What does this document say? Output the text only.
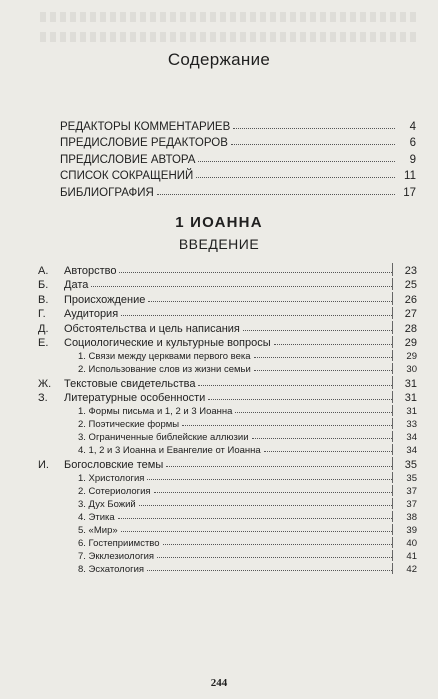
Содержание
РЕДАКТОРЫ КОММЕНТАРИЕВ	4
ПРЕДИСЛОВИЕ РЕДАКТОРОВ	6
ПРЕДИСЛОВИЕ АВТОРА	9
СПИСОК СОКРАЩЕНИЙ	11
БИБЛИОГРАФИЯ	17
1 ИОАННА
ВВЕДЕНИЕ
А.	Авторство	23
Б.	Дата	25
В.	Происхождение	26
Г.	Аудитория	27
Д.	Обстоятельства и цель написания	28
Е.	Социологические и культурные вопросы	29
1. Связи между церквами первого века	29
2. Использование слов из жизни семьи	30
Ж.	Текстовые свидетельства	31
З.	Литературные особенности	31
1. Формы письма и 1, 2 и 3 Иоанна	31
2. Поэтические формы	33
3. Ограниченные библейские аллюзии	34
4. 1, 2 и 3 Иоанна и Евангелие от Иоанна	34
И.	Богословские темы	35
1. Христология	35
2. Сотериология	37
3. Дух Божий	37
4. Этика	38
5. «Мир»	39
6. Гостеприимство	40
7. Экклезиология	41
8. Эсхатология	42
244
